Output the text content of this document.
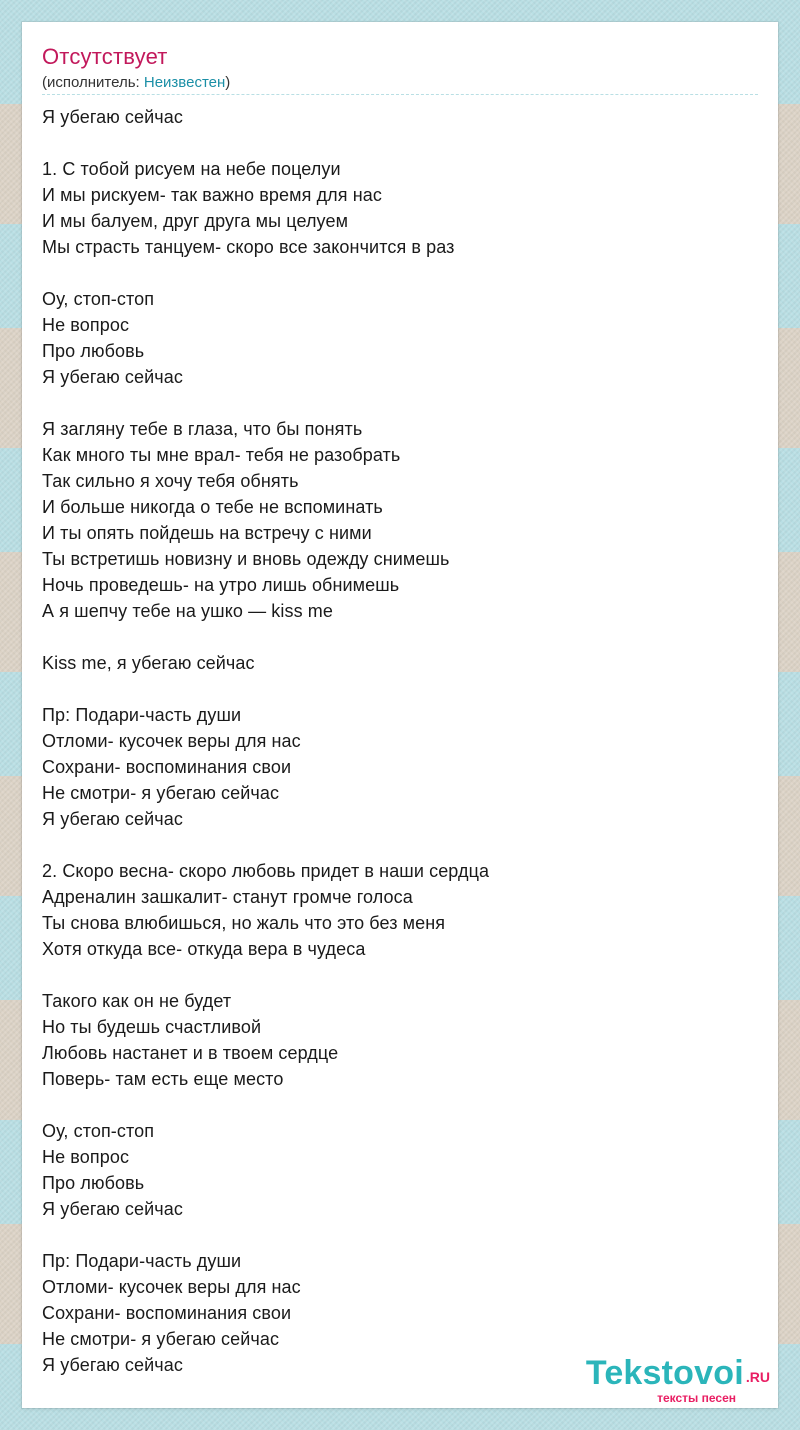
Отсутствует
(исполнитель: Неизвестен)
Я убегаю сейчас
1. С тобой рисуем на небе поцелуи
И мы рискуем- так важно время для нас
И мы балуем, друг друга мы целуем
Мы страсть танцуем- скоро все закончится в раз
Оу, стоп-стоп
Не вопрос
Про любовь
Я убегаю сейчас
Я загляну тебе в глаза, что бы понять
Как много ты мне врал- тебя не разобрать
Так сильно я хочу тебя обнять
И больше никогда о тебе не вспоминать
И ты опять пойдешь на встречу с ними
Ты встретишь новизну и вновь одежду снимешь
Ночь проведешь- на утро лишь обнимешь
А я шепчу тебе на ушко — kiss me
Kiss me, я убегаю сейчас
Пр: Подари-часть души
Отломи- кусочек веры для нас
Сохрани- воспоминания свои
Не смотри- я убегаю сейчас
Я убегаю сейчас
2. Скоро весна- скоро любовь придет в наши сердца
Адреналин зашкалит- станут громче голоса
Ты снова влюбишься, но жаль что это без меня
Хотя откуда все- откуда вера в чудеса
Такого как он не будет
Но ты будешь счастливой
Любовь настанет и в твоем сердце
Поверь- там есть еще место
Оу, стоп-стоп
Не вопрос
Про любовь
Я убегаю сейчас
Пр: Подари-часть души
Отломи- кусочек веры для нас
Сохрани- воспоминания свои
Не смотри- я убегаю сейчас
Я убегаю сейчас	Tekstovoi .RU
тексты песен
